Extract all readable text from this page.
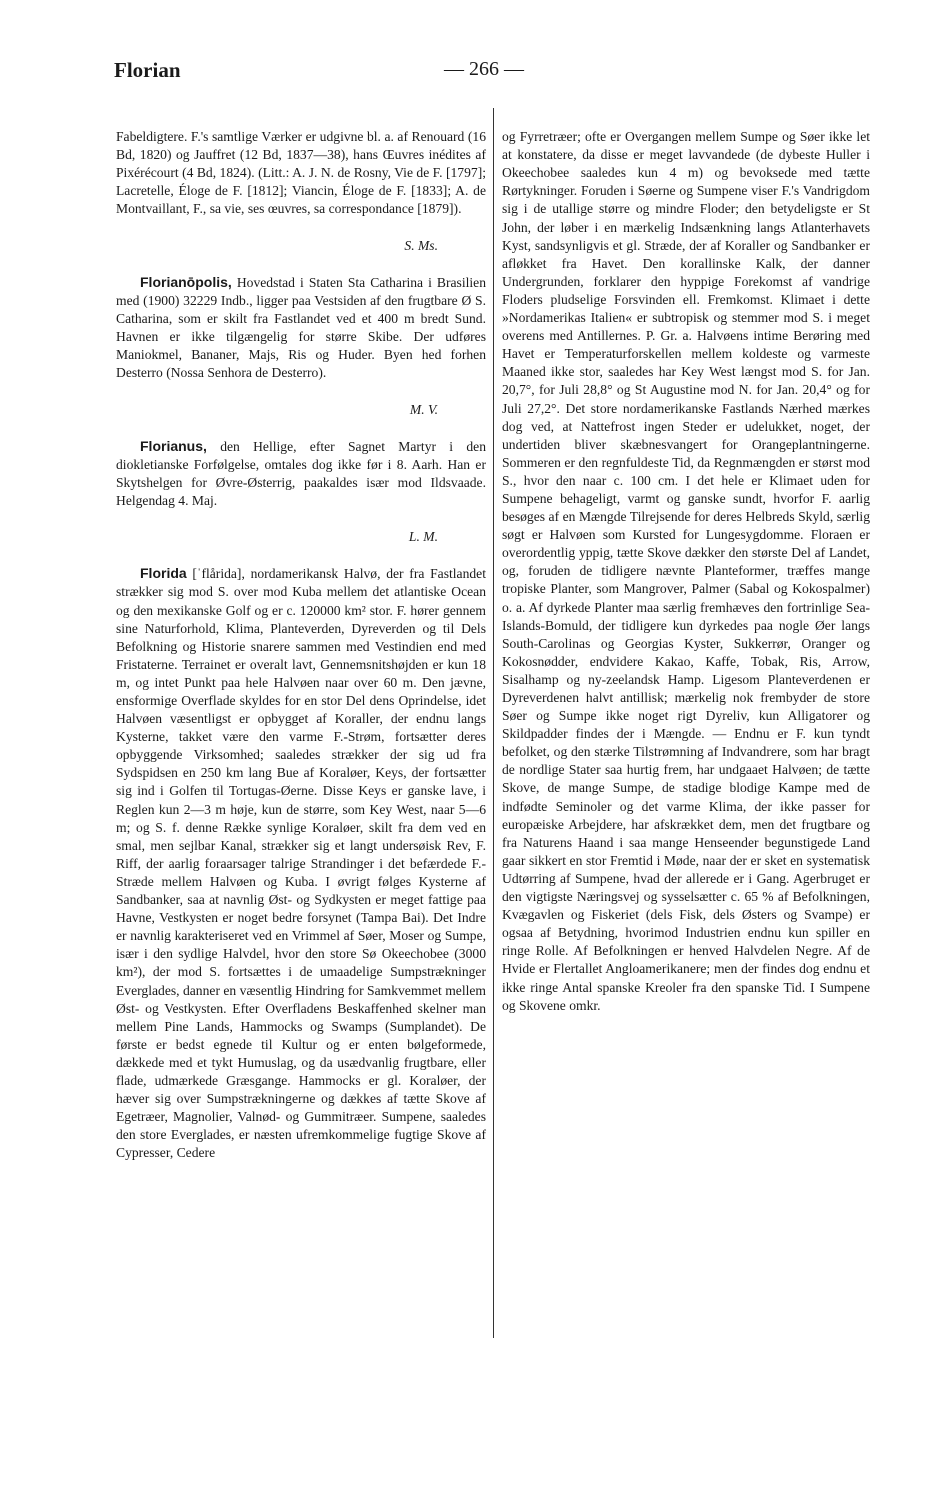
Florian	— 266 —

Fabeldigtere. F.'s samtlige Værker er udgivne bl. a. af Renouard (16 Bd, 1820) og Jauffret (12 Bd, 1837—38), hans Œuvres inédites af Pixérécourt (4 Bd, 1824). (Litt.: A. J. N. de Rosny, Vie de F. [1797]; Lacretelle, Éloge de F. [1812]; Viancin, Éloge de F. [1833]; A. de Montvaillant, F., sa vie, ses œuvres, sa correspondance [1879]).

S. Ms.

Florianōpolis, Hovedstad i Staten Sta Catharina i Brasilien med (1900) 32229 Indb., ligger paa Vestsiden af den frugtbare Ø S. Catharina, som er skilt fra Fastlandet ved et 400 m bredt Sund. Havnen er ikke tilgængelig for større Skibe. Der udføres Maniokmel, Bananer, Majs, Ris og Huder. Byen hed forhen Desterro (Nossa Senhora de Desterro).

M. V.

Florianus, den Hellige, efter Sagnet Martyr i den diokletianske Forfølgelse, omtales dog ikke før i 8. Aarh. Han er Skytshelgen for Øvre-Østerrig, paakaldes især mod Ildsvaade. Helgendag 4. Maj.

L. M.

Florida [ˈflårida], nordamerikansk Halvø, der fra Fastlandet strækker sig mod S. over mod Kuba mellem det atlantiske Ocean og den mexikanske Golf og er c. 120000 km² stor. F. hører gennem sine Naturforhold, Klima, Planteverden, Dyreverden og til Dels Befolkning og Historie snarere sammen med Vestindien end med Fristaterne. Terrainet er overalt lavt, Gennemsnitshøjden er kun 18 m, og intet Punkt paa hele Halvøen naar over 60 m. Den jævne, ensformige Overflade skyldes for en stor Del dens Oprindelse, idet Halvøen væsentligst er opbygget af Koraller, der endnu langs Kysterne, takket være den varme F.-Strøm, fortsætter deres opbyggende Virksomhed; saaledes strækker der sig ud fra Sydspidsen en 250 km lang Bue af Koraløer, Keys, der fortsætter sig ind i Golfen til Tortugas-Øerne. Disse Keys er ganske lave, i Reglen kun 2—3 m høje, kun de større, som Key West, naar 5—6 m; og S. f. denne Række synlige Koraløer, skilt fra dem ved en smal, men sejlbar Kanal, strækker sig et langt undersøisk Rev, F. Riff, der aarlig foraarsager talrige Strandinger i det befærdede F.-Stræde mellem Halvøen og Kuba. I øvrigt følges Kysterne af Sandbanker, saa at navnlig Øst- og Sydkysten er meget fattige paa Havne, Vestkysten er noget bedre forsynet (Tampa Bai). Det Indre er navnlig karakteriseret ved en Vrimmel af Søer, Moser og Sumpe, især i den sydlige Halvdel, hvor den store Sø Okeechobee (3000 km²), der mod S. fortsættes i de umaadelige Sumpstrækninger Everglades, danner en væsentlig Hindring for Samkvemmet mellem Øst- og Vestkysten. Efter Overfladens Beskaffenhed skelner man mellem Pine Lands, Hammocks og Swamps (Sumplandet). De første er bedst egnede til Kultur og er enten bølgeformede, dækkede med et tykt Humuslag, og da usædvanlig frugtbare, eller flade, udmærkede Græsgange. Hammocks er gl. Koraløer, der hæver sig over Sumpstrækningerne og dækkes af tætte Skove af Egetræer, Magnolier, Valnød- og Gummitræer. Sumpene, saaledes den store Everglades, er næsten ufremkommelige fugtige Skove af Cypresser, Cedere

og Fyrretræer; ofte er Overgangen mellem Sumpe og Søer ikke let at konstatere, da disse er meget lavvandede (de dybeste Huller i Okeechobee saaledes kun 4 m) og bevoksede med tætte Rørtykninger. Foruden i Søerne og Sumpene viser F.'s Vandrigdom sig i de utallige større og mindre Floder; den betydeligste er St John, der løber i en mærkelig Indsænkning langs Atlanterhavets Kyst, sandsynligvis et gl. Stræde, der af Koraller og Sandbanker er afløkket fra Havet. Den korallinske Kalk, der danner Undergrunden, forklarer den hyppige Forekomst af vandrige Floders pludselige Forsvinden ell. Fremkomst. Klimaet i dette »Nordamerikas Italien« er subtropisk og stemmer mod S. i meget overens med Antillernes. P. Gr. a. Halvøens intime Berøring med Havet er Temperaturforskellen mellem koldeste og varmeste Maaned ikke stor, saaledes har Key West længst mod S. for Jan. 20,7°, for Juli 28,8° og St Augustine mod N. for Jan. 20,4° og for Juli 27,2°. Det store nordamerikanske Fastlands Nærhed mærkes dog ved, at Nattefrost ingen Steder er udelukket, noget, der undertiden bliver skæbnesvangert for Orangeplantningerne. Sommeren er den regnfuldeste Tid, da Regnmængden er størst mod S., hvor den naar c. 100 cm. I det hele er Klimaet uden for Sumpene behageligt, varmt og ganske sundt, hvorfor F. aarlig besøges af en Mængde Tilrejsende for deres Helbreds Skyld, særlig søgt er Halvøen som Kursted for Lungesygdomme. Floraen er overordentlig yppig, tætte Skove dækker den største Del af Landet, og, foruden de tidligere nævnte Planteformer, træffes mange tropiske Planter, som Mangrover, Palmer (Sabal og Kokospalmer) o. a. Af dyrkede Planter maa særlig fremhæves den fortrinlige Sea-Islands-Bomuld, der tidligere kun dyrkedes paa nogle Øer langs South-Carolinas og Georgias Kyster, Sukkerrør, Oranger og Kokosnødder, endvidere Kakao, Kaffe, Tobak, Ris, Arrow, Sisalhamp og ny-zeelandsk Hamp. Ligesom Planteverdenen er Dyreverdenen halvt antillisk; mærkelig nok frembyder de store Søer og Sumpe ikke noget rigt Dyreliv, kun Alligatorer og Skildpadder findes der i Mængde. — Endnu er F. kun tyndt befolket, og den stærke Tilstrømning af Indvandrere, som har bragt de nordlige Stater saa hurtig frem, har undgaaet Halvøen; de tætte Skove, de mange Sumpe, de stadige blodige Kampe med de indfødte Seminoler og det varme Klima, der ikke passer for europæiske Arbejdere, har afskrækket dem, men det frugtbare og fra Naturens Haand i saa mange Henseender begunstigede Land gaar sikkert en stor Fremtid i Møde, naar der er sket en systematisk Udtørring af Sumpene, hvad der allerede er i Gang. Agerbruget er den vigtigste Næringsvej og sysselsætter c. 65 % af Befolkningen, Kvægavlen og Fiskeriet (dels Fisk, dels Østers og Svampe) er ogsaa af Betydning, hvorimod Industrien endnu kun spiller en ringe Rolle. Af Befolkningen er henved Halvdelen Negre. Af de Hvide er Flertallet Angloamerikanere; men der findes dog endnu et ikke ringe Antal spanske Kreoler fra den spanske Tid. I Sumpene og Skovene omkr.
